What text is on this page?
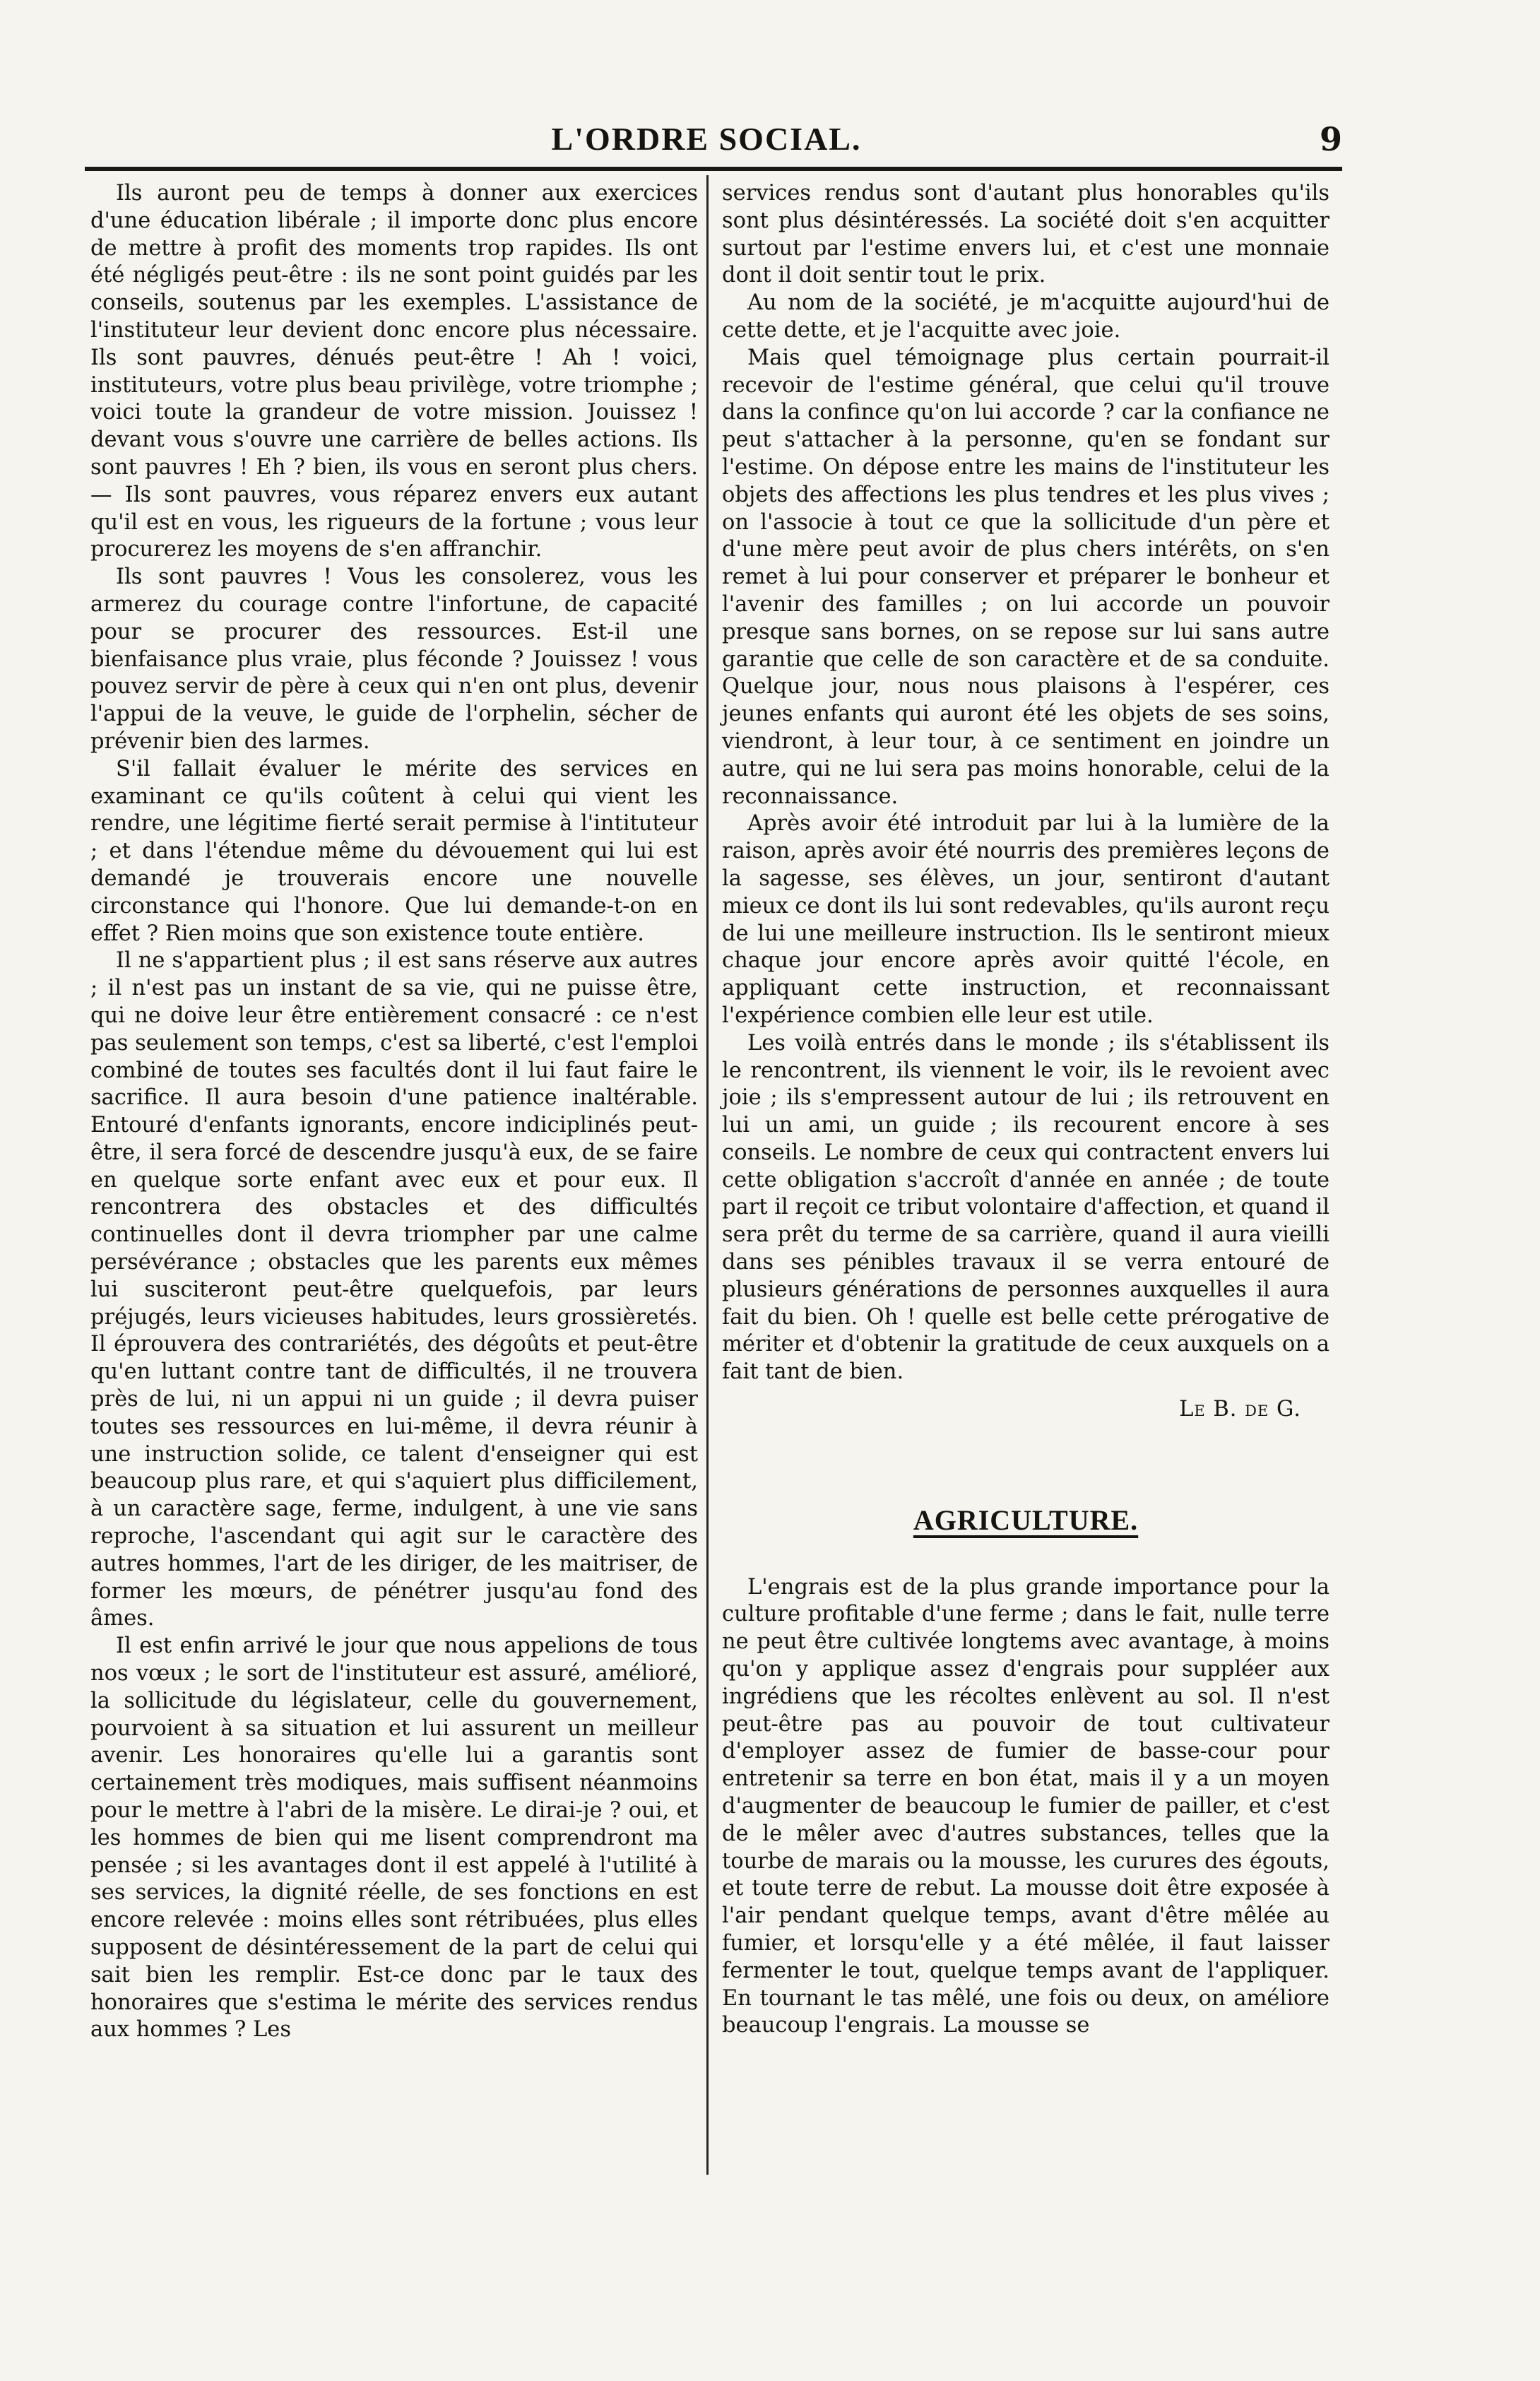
L'ORDRE SOCIAL.	9

Ils auront peu de temps à donner aux exercices d'une éducation libérale ; il importe donc plus encore de mettre à profit des moments trop rapides. Ils ont été négligés peut-être : ils ne sont point guidés par les conseils, soutenus par les exemples. L'assistance de l'instituteur leur devient donc encore plus nécessaire. Ils sont pauvres, dénués peut-être ! Ah ! voici, instituteurs, votre plus beau privilège, votre triomphe ; voici toute la grandeur de votre mission. Jouissez ! devant vous s'ouvre une carrière de belles actions. Ils sont pauvres ! Eh ? bien, ils vous en seront plus chers. — Ils sont pauvres, vous réparez envers eux autant qu'il est en vous, les rigueurs de la fortune ; vous leur procurerez les moyens de s'en affranchir.

Ils sont pauvres ! Vous les consolerez, vous les armerez du courage contre l'infortune, de capacité pour se procurer des ressources. Est-il une bienfaisance plus vraie, plus féconde ? Jouissez ! vous pouvez servir de père à ceux qui n'en ont plus, devenir l'appui de la veuve, le guide de l'orphelin, sécher de prévenir bien des larmes.

S'il fallait évaluer le mérite des services en examinant ce qu'ils coûtent à celui qui vient les rendre, une légitime fierté serait permise à l'intituteur ; et dans l'étendue même du dévouement qui lui est demandé je trouverais encore une nouvelle circonstance qui l'honore. Que lui demande-t-on en effet ? Rien moins que son existence toute entière.

Il ne s'appartient plus ; il est sans réserve aux autres ; il n'est pas un instant de sa vie, qui ne puisse être, qui ne doive leur être entièrement consacré : ce n'est pas seulement son temps, c'est sa liberté, c'est l'emploi combiné de toutes ses facultés dont il lui faut faire le sacrifice. Il aura besoin d'une patience inaltérable. Entouré d'enfants ignorants, encore indiciplinés peut-être, il sera forcé de descendre jusqu'à eux, de se faire en quelque sorte enfant avec eux et pour eux. Il rencontrera des obstacles et des difficultés continuelles dont il devra triompher par une calme persévérance ; obstacles que les parents eux mêmes lui susciteront peut-être quelquefois, par leurs préjugés, leurs vicieuses habitudes, leurs grossièretés. Il éprouvera des contrariétés, des dégoûts et peut-être qu'en luttant contre tant de difficultés, il ne trouvera près de lui, ni un appui ni un guide ; il devra puiser toutes ses ressources en lui-même, il devra réunir à une instruction solide, ce talent d'enseigner qui est beaucoup plus rare, et qui s'aquiert plus difficilement, à un caractère sage, ferme, indulgent, à une vie sans reproche, l'ascendant qui agit sur le caractère des autres hommes, l'art de les diriger, de les maitriser, de former les mœurs, de pénétrer jusqu'au fond des âmes.

Il est enfin arrivé le jour que nous appelions de tous nos vœux ; le sort de l'instituteur est assuré, amélioré, la sollicitude du législateur, celle du gouvernement, pourvoient à sa situation et lui assurent un meilleur avenir. Les honoraires qu'elle lui a garantis sont certainement très modiques, mais suffisent néanmoins pour le mettre à l'abri de la misère. Le dirai-je ? oui, et les hommes de bien qui me lisent comprendront ma pensée ; si les avantages dont il est appelé à l'utilité à ses services, la dignité réelle, de ses fonctions en est encore relevée : moins elles sont rétribuées, plus elles supposent de désintéressement de la part de celui qui sait bien les remplir. Est-ce donc par le taux des honoraires que s'estima le mérite des services rendus aux hommes ? Les

services rendus sont d'autant plus honorables qu'ils sont plus désintéressés. La société doit s'en acquitter surtout par l'estime envers lui, et c'est une monnaie dont il doit sentir tout le prix.

Au nom de la société, je m'acquitte aujourd'hui de cette dette, et je l'acquitte avec joie.

Mais quel témoignage plus certain pourrait-il recevoir de l'estime général, que celui qu'il trouve dans la confince qu'on lui accorde ? car la confiance ne peut s'attacher à la personne, qu'en se fondant sur l'estime. On dépose entre les mains de l'instituteur les objets des affections les plus tendres et les plus vives ; on l'associe à tout ce que la sollicitude d'un père et d'une mère peut avoir de plus chers intérêts, on s'en remet à lui pour conserver et préparer le bonheur et l'avenir des familles ; on lui accorde un pouvoir presque sans bornes, on se repose sur lui sans autre garantie que celle de son caractère et de sa conduite. Quelque jour, nous nous plaisons à l'espérer, ces jeunes enfants qui auront été les objets de ses soins, viendront, à leur tour, à ce sentiment en joindre un autre, qui ne lui sera pas moins honorable, celui de la reconnaissance.

Après avoir été introduit par lui à la lumière de la raison, après avoir été nourris des premières leçons de la sagesse, ses élèves, un jour, sentiront d'autant mieux ce dont ils lui sont redevables, qu'ils auront reçu de lui une meilleure instruction. Ils le sentiront mieux chaque jour encore après avoir quitté l'école, en appliquant cette instruction, et reconnaissant l'expérience combien elle leur est utile.

Les voilà entrés dans le monde ; ils s'établissent ils le rencontrent, ils viennent le voir, ils le revoient avec joie ; ils s'empressent autour de lui ; ils retrouvent en lui un ami, un guide ; ils recourent encore à ses conseils. Le nombre de ceux qui contractent envers lui cette obligation s'accroît d'année en année ; de toute part il reçoit ce tribut volontaire d'affection, et quand il sera prêt du terme de sa carrière, quand il aura vieilli dans ses pénibles travaux il se verra entouré de plusieurs générations de personnes auxquelles il aura fait du bien. Oh ! quelle est belle cette prérogative de mériter et d'obtenir la gratitude de ceux auxquels on a fait tant de bien.

Le B. de G.
AGRICULTURE.

L'engrais est de la plus grande importance pour la culture profitable d'une ferme ; dans le fait, nulle terre ne peut être cultivée longtems avec avantage, à moins qu'on y applique assez d'engrais pour suppléer aux ingrédiens que les récoltes enlèvent au sol. Il n'est peut-être pas au pouvoir de tout cultivateur d'employer assez de fumier de basse-cour pour entretenir sa terre en bon état, mais il y a un moyen d'augmenter de beaucoup le fumier de pailler, et c'est de le mêler avec d'autres substances, telles que la tourbe de marais ou la mousse, les curures des égouts, et toute terre de rebut. La mousse doit être exposée à l'air pendant quelque temps, avant d'être mêlée au fumier, et lorsqu'elle y a été mêlée, il faut laisser fermenter le tout, quelque temps avant de l'appliquer. En tournant le tas mêlé, une fois ou deux, on améliore beaucoup l'engrais. La mousse se
